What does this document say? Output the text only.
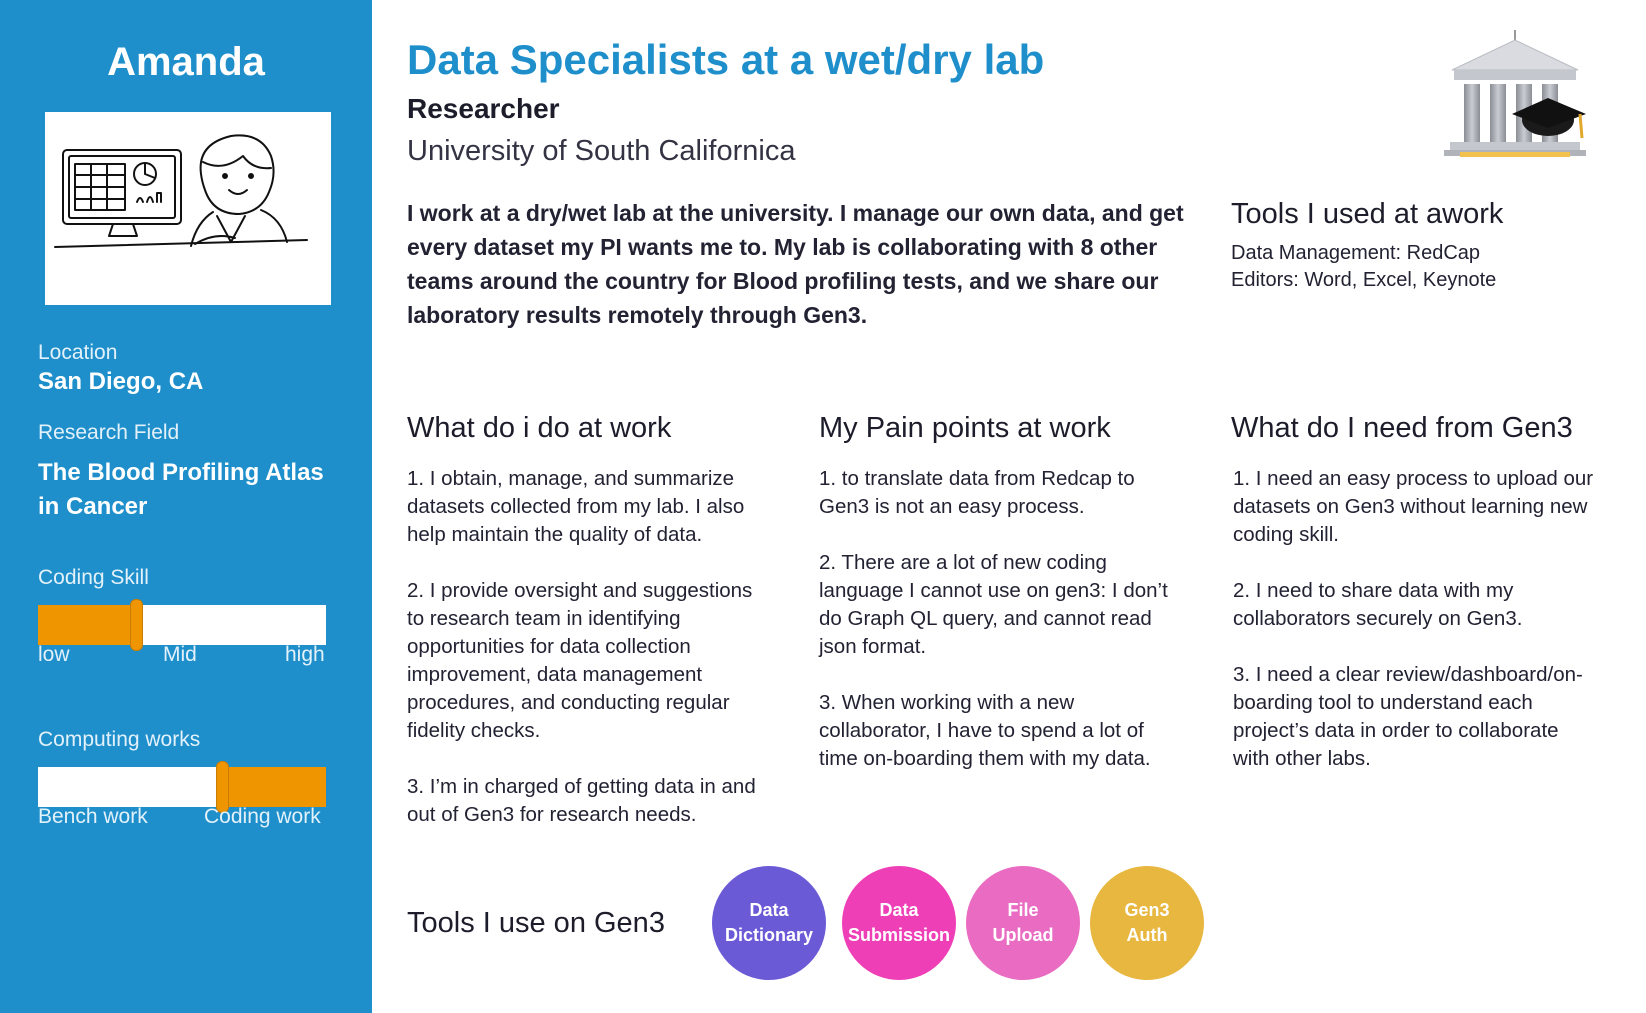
Amanda
Location
San Diego, CA
Research Field
The Blood Profiling Atlas in Cancer
Coding Skill
low	Mid	high
Computing works
Bench work	Coding work
Data Specialists at a wet/dry lab
Researcher
University of South Californica
I work at a dry/wet lab at the university. I manage our own data, and get every dataset my PI wants me to. My lab is collaborating with 8 other teams around the country for Blood profiling tests, and we share our laboratory results remotely through Gen3.
Tools I used at awork
Data Management: RedCap
Editors: Word, Excel, Keynote
What do i do at work
1. I obtain, manage, and summarize
datasets collected from my lab. I also
help maintain the quality of data.

2. I provide oversight and suggestions
to research team in identifying
opportunities for data collection
improvement, data management
procedures, and conducting regular
fidelity checks.

3. I’m in charged of getting data in and
out of Gen3 for research needs.
My Pain points at work
1. to translate data from Redcap to
Gen3 is not an easy process.

2. There are a lot of new coding
language I cannot use on gen3: I don’t
do Graph QL query, and cannot read
json format.

3. When working with a new
collaborator, I have to spend a lot of
time on-boarding them with my data.
What do I need from Gen3
1. I need an easy process to upload our
datasets on Gen3 without learning new
coding skill.

2. I need to share data with my
collaborators securely on Gen3.

3. I need a clear review/dashboard/on-
boarding tool to understand each
project’s data in order to collaborate
with other labs.
Tools I use on Gen3	Data
Dictionary
Data
Submission
File
Upload
Gen3
Auth
